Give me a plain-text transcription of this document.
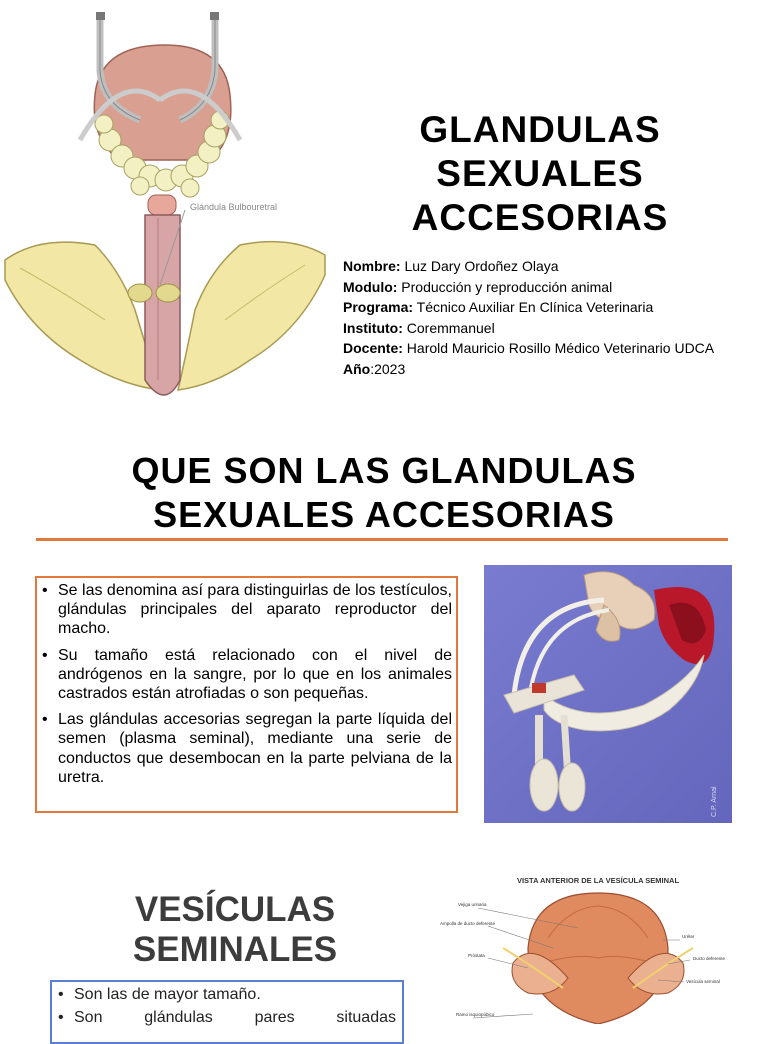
Glándula Bulbouretral
GLANDULAS
SEXUALES
ACCESORIAS
Nombre: Luz Dary Ordoñez Olaya
Modulo: Producción y reproducción animal
Programa: Técnico Auxiliar En Clínica Veterinaria
Instituto: Coremmanuel
Docente: Harold Mauricio Rosillo Médico Veterinario UDCA
Año:2023
QUE SON LAS GLANDULAS
SEXUALES ACCESORIAS
• Se las denomina así para distinguirlas de los testículos, glándulas principales del aparato reproductor del macho.
• Su tamaño está relacionado con el nivel de andrógenos en la sangre, por lo que en los animales castrados están atrofiadas o son pequeñas.
• Las glándulas accesorias segregan la parte líquida del semen (plasma seminal), mediante una serie de conductos que desembocan en la parte pelviana de la uretra.
C.P. Arnal
VESÍCULAS
SEMINALES
• Son las de mayor tamaño.
• Son glándulas pares situadas
VISTA ANTERIOR DE LA VESÍCULA SEMINAL
Vejiga urinaria
Ampolla de ducto deferente
Próstata
Uréter
Ducto deferente
Vesícula seminal
Ramo isquiopúbico
